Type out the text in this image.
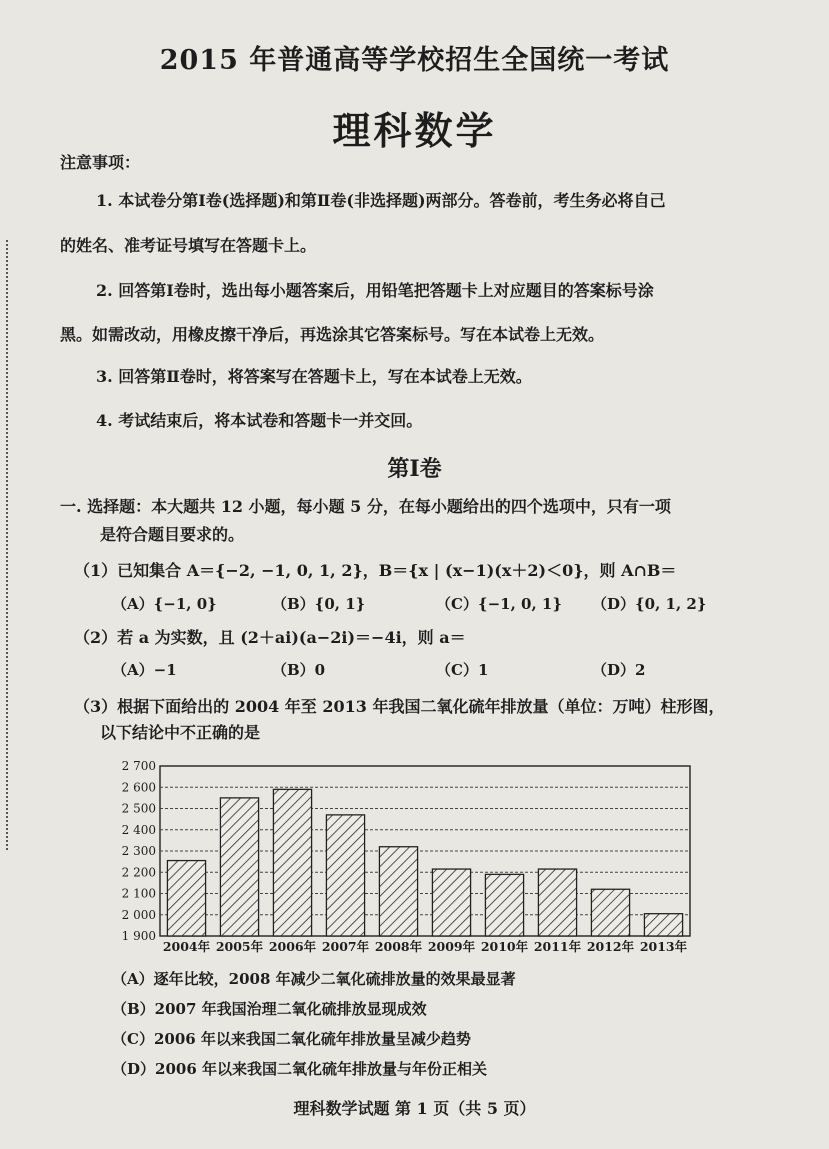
2015 年普通高等学校招生全国统一考试
理科数学
注意事项：
1. 本试卷分第Ⅰ卷(选择题)和第Ⅱ卷(非选择题)两部分。答卷前，考生务必将自己
的姓名、准考证号填写在答题卡上。
2. 回答第Ⅰ卷时，选出每小题答案后，用铅笔把答题卡上对应题目的答案标号涂
黑。如需改动，用橡皮擦干净后，再选涂其它答案标号。写在本试卷上无效。
3. 回答第Ⅱ卷时，将答案写在答题卡上，写在本试卷上无效。
4. 考试结束后，将本试卷和答题卡一并交回。
第Ⅰ卷
一. 选择题：本大题共 12 小题，每小题 5 分，在每小题给出的四个选项中，只有一项
是符合题目要求的。
（1）已知集合 A＝{−2, −1, 0, 1, 2}，B＝{x | (x−1)(x＋2)＜0}，则 A∩B＝
（A）{−1, 0}	（B）{0, 1}	（C）{−1, 0, 1} （D）{0, 1, 2}
（2）若 a 为实数，且 (2＋ai)(a−2i)＝−4i，则 a＝
（A）−1	（B）0	（C）1	（D）2
（3）根据下面给出的 2004 年至 2013 年我国二氧化硫年排放量（单位：万吨）柱形图，
以下结论中不正确的是
1 900
2 000
2 100
2 200
2 300
2 400
2 500
2 600
2 700
2004年 2005年 2006年 2007年 2008年 2009年 2010年 2011年 2012年 2013年
（A）逐年比较，2008 年减少二氧化硫排放量的效果最显著
（B）2007 年我国治理二氧化硫排放显现成效
（C）2006 年以来我国二氧化硫年排放量呈减少趋势
（D）2006 年以来我国二氧化硫年排放量与年份正相关
理科数学试题 第 1 页（共 5 页）
